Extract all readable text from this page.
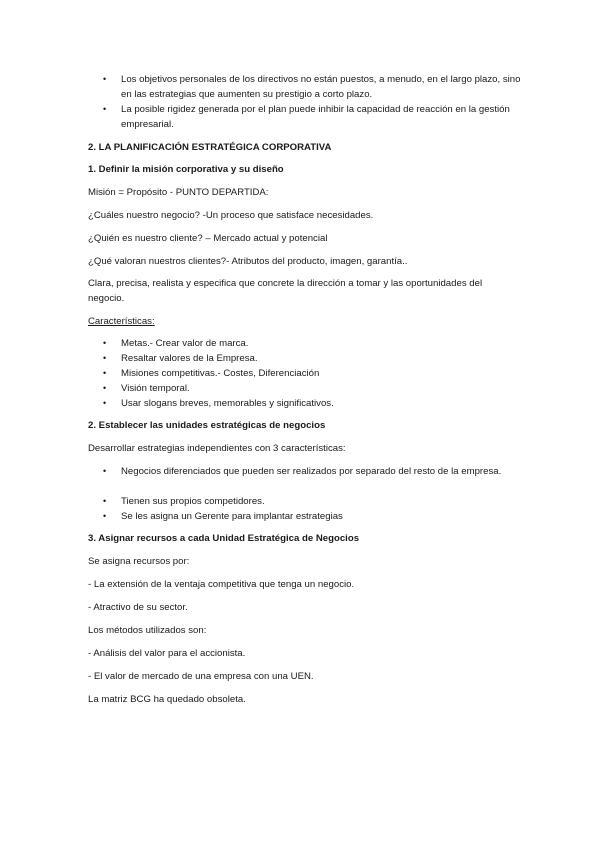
•	Los objetivos personales de los directivos no están puestos, a menudo, en el largo plazo, sino en las estrategias que aumenten su prestigio a corto plazo.
•	La posible rigidez generada por el plan puede inhibir la capacidad de reacción en la gestión empresarial.
2. LA PLANIFICACIÓN ESTRATÉGICA CORPORATIVA
1. Definir la misión corporativa y su diseño
Misión = Propósito - PUNTO DEPARTIDA:
¿Cuáles nuestro negocio? -Un proceso que satisface necesidades.
¿Quién es nuestro cliente? – Mercado actual y potencial
¿Qué valoran nuestros clientes?- Atributos del producto, imagen, garantía..
Clara, precisa, realista y especifica que concrete la dirección a tomar y las oportunidades del negocio.
Características:
•	Metas.- Crear valor de marca.
•	Resaltar valores de la Empresa.
•	Misiones competitivas.- Costes, Diferenciación
•	Visión temporal.
•	Usar slogans breves, memorables y significativos.
2. Establecer las unidades estratégicas de negocios
Desarrollar estrategias independientes con 3 características:
•	Negocios diferenciados que pueden ser realizados por separado del resto de la empresa.
•	Tienen sus propios competidores.
•	Se les asigna un Gerente para implantar estrategias
3. Asignar recursos a cada Unidad Estratégica de Negocios
Se asigna recursos por:
- La extensión de la ventaja competitiva que tenga un negocio.
- Atractivo de su sector.
Los métodos utilizados son:
- Análisis del valor para el accionista.
- El valor de mercado de una empresa con una UEN.
La matriz BCG ha quedado obsoleta.
